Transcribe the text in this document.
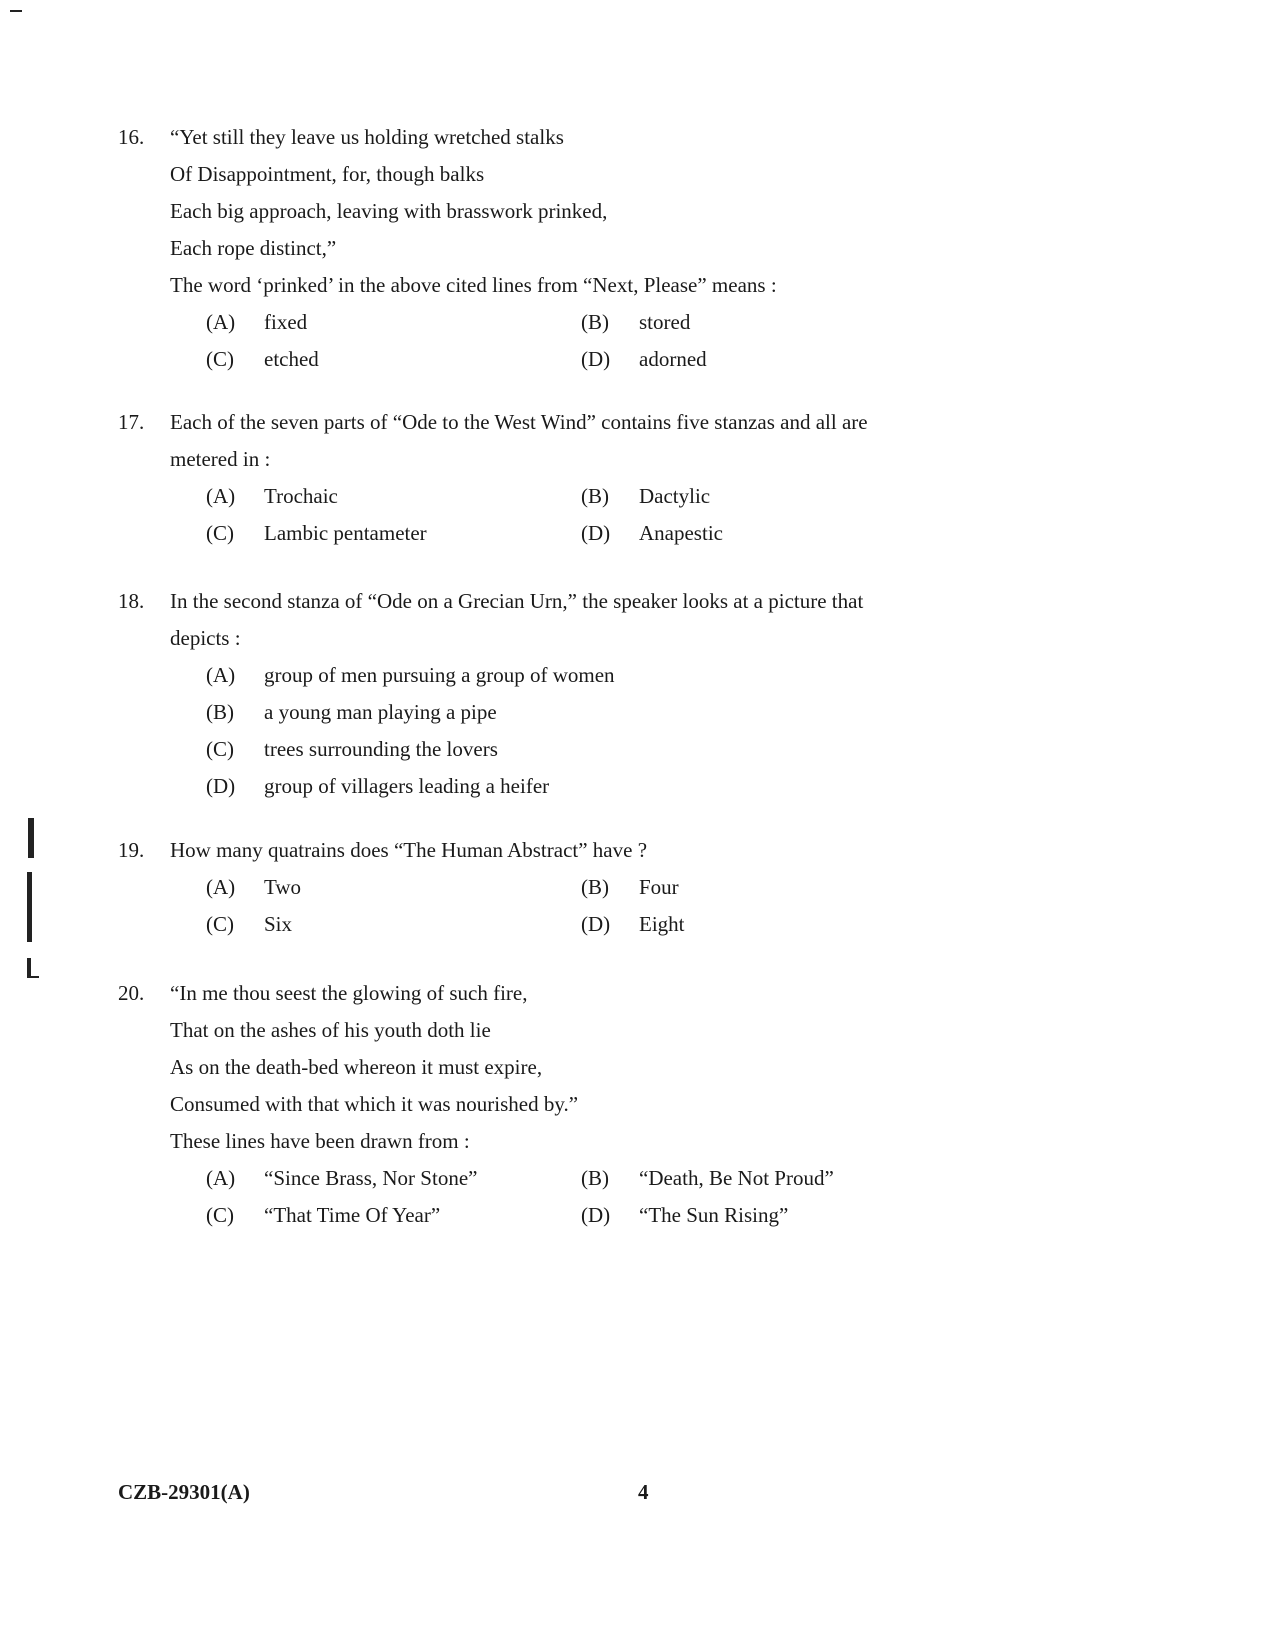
16.	“Yet still they leave us holding wretched stalks
Of Disappointment, for, though balks
Each big approach, leaving with brasswork prinked,
Each rope distinct,”
The word ‘prinked’ in the above cited lines from “Next, Please” means :
(A)	fixed	(B)	stored
(C)	etched	(D)	adorned
17.	Each of the seven parts of “Ode to the West Wind” contains five stanzas and all are
metered in :
(A)	Trochaic	(B)	Dactylic
(C)	Lambic pentameter	(D)	Anapestic
18.	In the second stanza of “Ode on a Grecian Urn,” the speaker looks at a picture that
depicts :
(A)	group of men pursuing a group of women
(B)	a young man playing a pipe
(C)	trees surrounding the lovers
(D)	group of villagers leading a heifer
19.	How many quatrains does “The Human Abstract” have ?
(A)	Two	(B)	Four
(C)	Six	(D)	Eight
20.	“In me thou seest the glowing of such fire,
That on the ashes of his youth doth lie
As on the death-bed whereon it must expire,
Consumed with that which it was nourished by.”
These lines have been drawn from :
(A)	“Since Brass, Nor Stone”	(B)	“Death, Be Not Proud”
(C)	“That Time Of Year”	(D)	“The Sun Rising”
CZB-29301(A)	4
